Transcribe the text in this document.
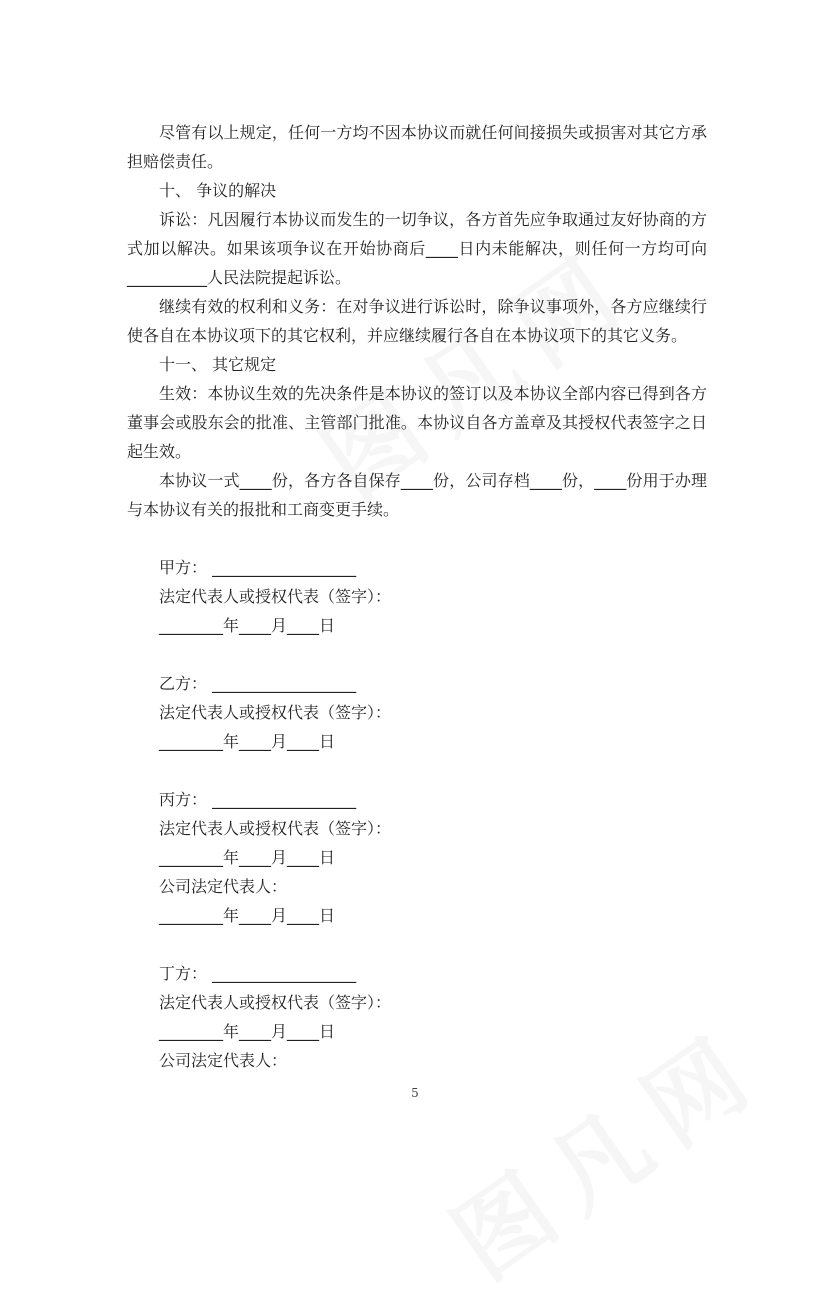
尽管有以上规定，任何一方均不因本协议而就任何间接损失或损害对其它方承担赔偿责任。

十、 争议的解决

诉讼：凡因履行本协议而发生的一切争议，各方首先应争取通过友好协商的方式加以解决。如果该项争议在开始协商后____日内未能解决，则任何一方均可向__________人民法院提起诉讼。

继续有效的权利和义务：在对争议进行诉讼时，除争议事项外，各方应继续行使各自在本协议项下的其它权利，并应继续履行各自在本协议项下的其它义务。

十一、 其它规定

生效：本协议生效的先决条件是本协议的签订以及本协议全部内容已得到各方董事会或股东会的批准、主管部门批准。本协议自各方盖章及其授权代表签字之日起生效。

本协议一式____份，各方各自保存____份，公司存档____份，____份用于办理与本协议有关的报批和工商变更手续。

甲方： __________________

法定代表人或授权代表（签字）：

________年____月____日

乙方： __________________

法定代表人或授权代表（签字）：

________年____月____日

丙方： __________________

法定代表人或授权代表（签字）：

________年____月____日

公司法定代表人：

________年____月____日

丁方： __________________

法定代表人或授权代表（签字）：

________年____月____日

公司法定代表人：

5
